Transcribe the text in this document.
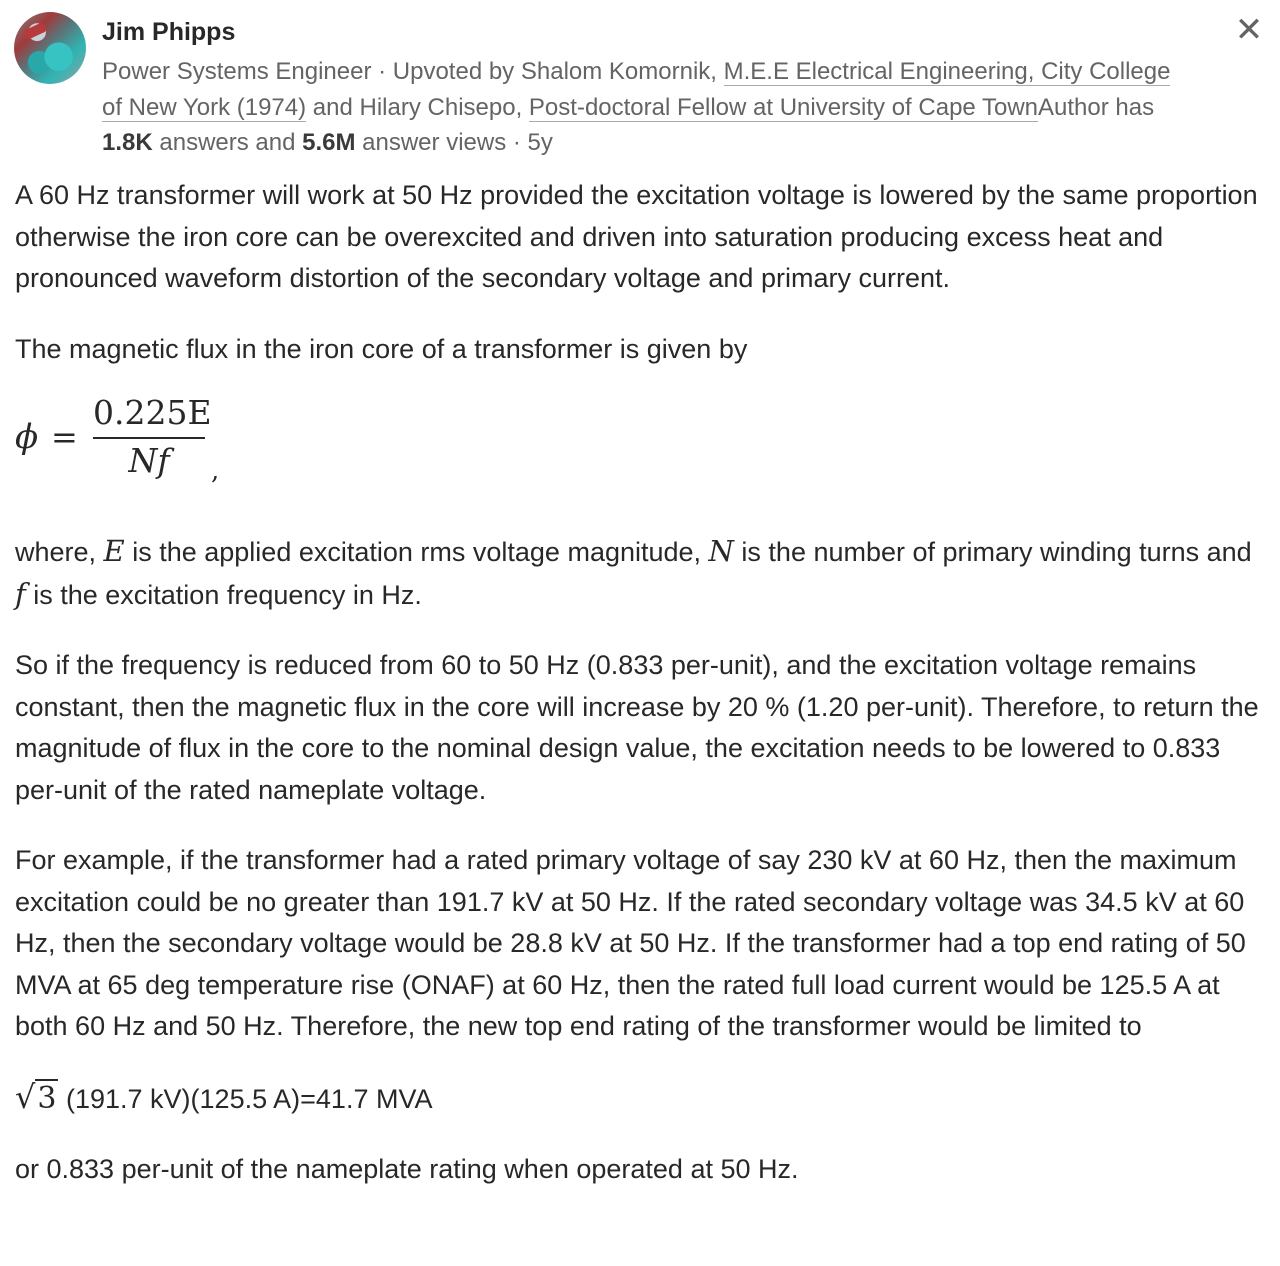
Jim Phipps	✕
Power Systems Engineer · Upvoted by Shalom Komornik, M.E.E Electrical Engineering, City College of New York (1974) and Hilary Chisepo, Post-doctoral Fellow at University of Cape TownAuthor has 1.8K answers and 5.6M answer views · 5y

A 60 Hz transformer will work at 50 Hz provided the excitation voltage is lowered by the same proportion otherwise the iron core can be overexcited and driven into saturation producing excess heat and pronounced waveform distortion of the secondary voltage and primary current.

The magnetic flux in the iron core of a transformer is given by

ϕ =
0.225E
Nf	,

where, E is the applied excitation rms voltage magnitude, N is the number of primary winding turns and f is the excitation frequency in Hz.

So if the frequency is reduced from 60 to 50 Hz (0.833 per-unit), and the excitation voltage remains constant, then the magnetic flux in the core will increase by 20 % (1.20 per-unit). Therefore, to return the magnitude of flux in the core to the nominal design value, the excitation needs to be lowered to 0.833 per-unit of the rated nameplate voltage.

For example, if the transformer had a rated primary voltage of say 230 kV at 60 Hz, then the maximum excitation could be no greater than 191.7 kV at 50 Hz. If the rated secondary voltage was 34.5 kV at 60 Hz, then the secondary voltage would be 28.8 kV at 50 Hz. If the transformer had a top end rating of 50 MVA at 65 deg temperature rise (ONAF) at 60 Hz, then the rated full load current would be 125.5 A at both 60 Hz and 50 Hz. Therefore, the new top end rating of the transformer would be limited to

√3 (191.7 kV)(125.5 A)=41.7 MVA

or 0.833 per-unit of the nameplate rating when operated at 50 Hz.
